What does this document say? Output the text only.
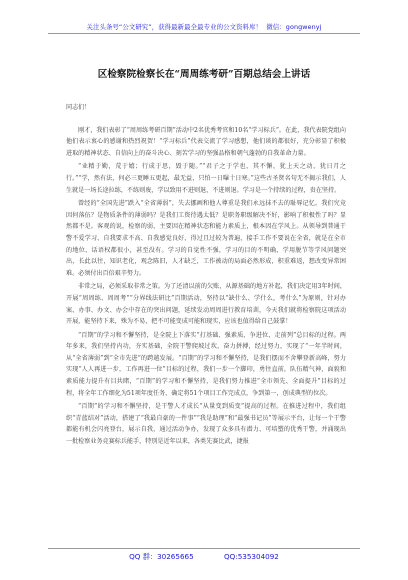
关注头条号“公文研究”，获得最新最全最专业的公文资料库！ 微信：gongwenyj
区检察院检察长在“周周练考研”百期总结会上讲话

同志们！

刚才，我们表彰了“周周练考研百期”活动中2名优秀考官和10名“学习标兵”。在此，我代表院党组向他们表示衷心的感谢和热烈祝贺！“学习标兵”代表交流了学习感想，他们谈的都很好，充分彰显了积极进取的精神状态、自信向上的奋斗决心、刻苦学习的坚强品格和朝气蓬勃的自我革命力量。

“业精于勤，荒于嬉；行成于思，毁于随。”“君子之于学也，其不懈，犹上天之动，犹日月之行。”“学，然有法，何必三更睡五更起，最无益，只怕一日曝十日寒。”这些古圣贤名句无不揭示我们，人生就是一场长途拉练，不练则废，学以致用不进则退，不进则退。学习是一个持续的过程，贵在坚持。

曾经的“全国先进”跌入“全省薄弱”，失去挪画和他人尊重是我们永远抹不去的耻辱记忆。我们究竟因何落伍？是物质条件的薄弱吗？是我们工资待遇太低？是职务职级解决不好，影响了积极性了吗？显然都不是。客观的说，检察的弱，主要因在精神状态和能力素质上，根本因在学风上。从领导到普通干警不爱学习、自我要求不高、自我感觉良好，得过且过较为普遍，接手工作不要说在全省，就是在全市的地位、话语权都很小，甚至没有。学习的自觉性不强，学习的目的不明确，学用脱节等学风问题突出，长此以往，知识老化，观念陈旧，人才缺乏，工作被动的局面必然形成，积重难返，想改变异常困难。必须付出百倍艰辛努力。

非常之局，必须采取非常之策。为了还清以前的欠账，从源基础的地方补起，我们决定用3年时间，开展“周周练、周周考”“分界线法研比”百期活动，坚持以“缺什么、学什么，考什么”为原则，针对办案、办事、办文、办会中存在的突出问题，延续发动周周进行教育培训，今天我们就将检察院这项活动开展，能坚持下来，殊为不易，把不可能变成可能和现实，应该也值得给自己鼓掌！

“百期”的学习和不懈坚持，是全院上下落实“打基础、强素质、争进位、走前列”总目标的过程。两年多来，我们坚持内功，夯实基础，全院干警爬坡过坎、奋力拼搏，经过努力，实现了“一年半时间，从“全省薄弱”到“全市先进”的跨越发展。“百期”的学习和不懈坚持，是我们摆而不舍攀登新高峰，努力实现“人人再进一步，工作再进一位”目标的过程，我们一步一个脚印，勇往直前，队伍精气神，面貌和素质能力提升有目共睹，“百期”的学习和不懈坚持，是我们努力推进“全市领先、全面提升”目标的过程，将全年工作细化为51项年度任务，确定将51个项目工作完成点，争到第一，创成典型的位次。

“百期”的学习和不懈坚持，是干警人才成长“从量变到质变”提高的过程。在推进过程中，我们组织“青蓝结对”活动，搭建了“我最自豪的一件事”“我是助理”和“最强书记员”等展示平台，让每一个干警都能有机会闪亮登台，展示自我，通过活动争办，发现了众多具有潜力、可培塑的优秀干警，并涌现出一批检察业务竞赛标兵能手，特别是近年以来，各类先赛比武，捷报

QQ 群：30265665	QQ:535304092
